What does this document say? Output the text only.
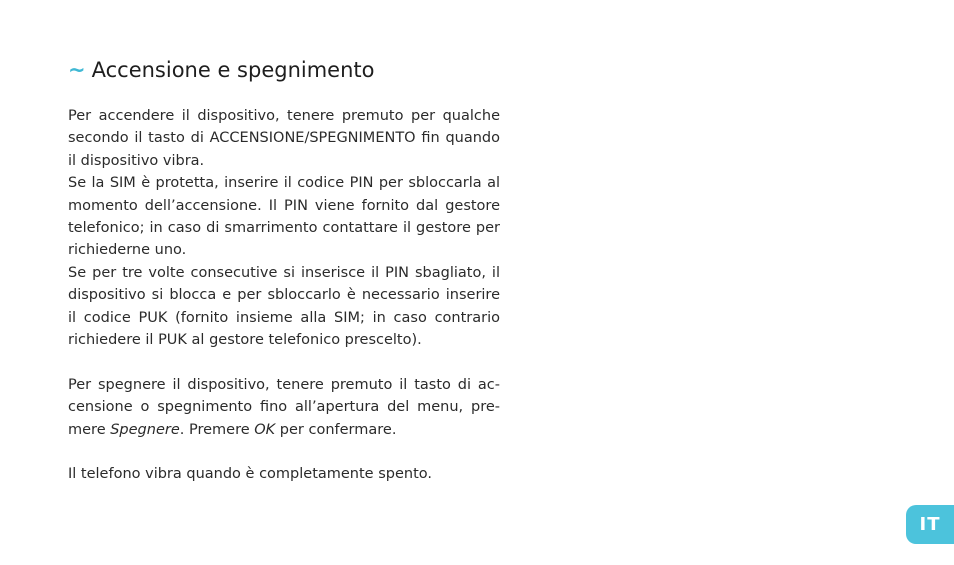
~ Accensione e spegnimento

Per accendere il dispositivo, tenere premuto per qualche secondo il tasto di ACCENSIONE/SPEGNIMENTO fin quando il dispositivo vibra.

Se la SIM è protetta, inserire il codice PIN per sbloccarla al momento dell’accensione. Il PIN viene fornito dal gestore telefonico; in caso di smarrimento contattare il gestore per richiederne uno.

Se per tre volte consecutive si inserisce il PIN sbagliato, il dispositivo si blocca e per sbloccarlo è necessario inserire il codice PUK (fornito insieme alla SIM; in caso contrario richiedere il PUK al gestore telefonico prescelto).

Per spegnere il dispositivo, tenere premuto il tasto di accensione o spegnimento fino all’apertura del menu, premere Spegnere. Premere OK per confermare.

Il telefono vibra quando è completamente spento.

IT
